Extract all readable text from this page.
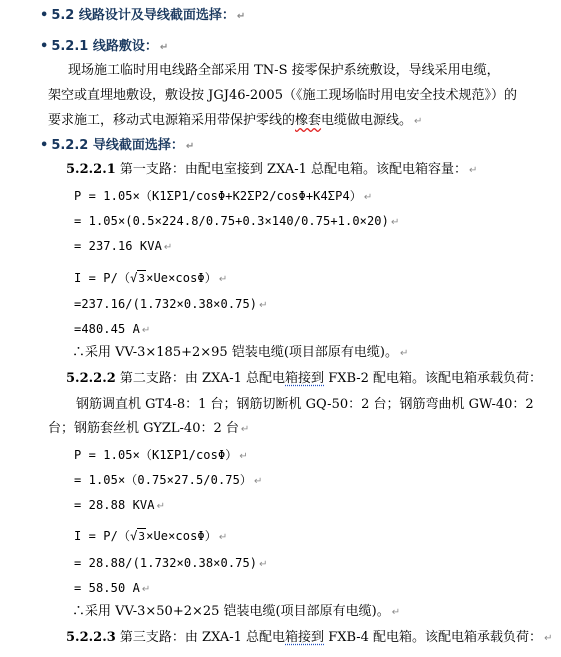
• 5.2 线路设计及导线截面选择： ↵
• 5.2.1 线路敷设： ↵
现场施工临时用电线路全部采用 TN-S 接零保护系统敷设，导线采用电缆，
架空或直埋地敷设，敷设按 JGJ46-2005（《施工现场临时用电安全技术规范》）的
要求施工，移动式电源箱采用带保护零线的橡套电缆做电源线。 ↵
• 5.2.2 导线截面选择： ↵
5.2.2.1 第一支路：由配电室接到 ZXA-1 总配电箱。该配电箱容量： ↵
P = 1.05×（K1ΣP1/cosΦ+K2ΣP2/cosΦ+K4ΣP4） ↵
= 1.05×(0.5×224.8/0.75+0.3×140/0.75+1.0×20) ↵
= 237.16 KVA ↵
I = P/（√3×Ue×cosΦ） ↵
=237.16/(1.732×0.38×0.75) ↵
=480.45 A ↵
∴采用 VV-3×185+2×95 铠装电缆(项目部原有电缆)。 ↵
5.2.2.2 第二支路：由 ZXA-1 总配电箱接到 FXB-2 配电箱。该配电箱承载负荷：
钢筋调直机 GT4-8：1 台；钢筋切断机 GQ-50：2 台；钢筋弯曲机 GW-40：2
台；钢筋套丝机 GYZL-40：2 台 ↵
P = 1.05×（K1ΣP1/cosΦ） ↵
= 1.05×（0.75×27.5/0.75） ↵
= 28.88 KVA ↵
I = P/（√3×Ue×cosΦ） ↵
= 28.88/(1.732×0.38×0.75) ↵
= 58.50 A ↵
∴采用 VV-3×50+2×25 铠装电缆(项目部原有电缆)。 ↵
5.2.2.3 第三支路：由 ZXA-1 总配电箱接到 FXB-4 配电箱。该配电箱承载负荷： ↵
